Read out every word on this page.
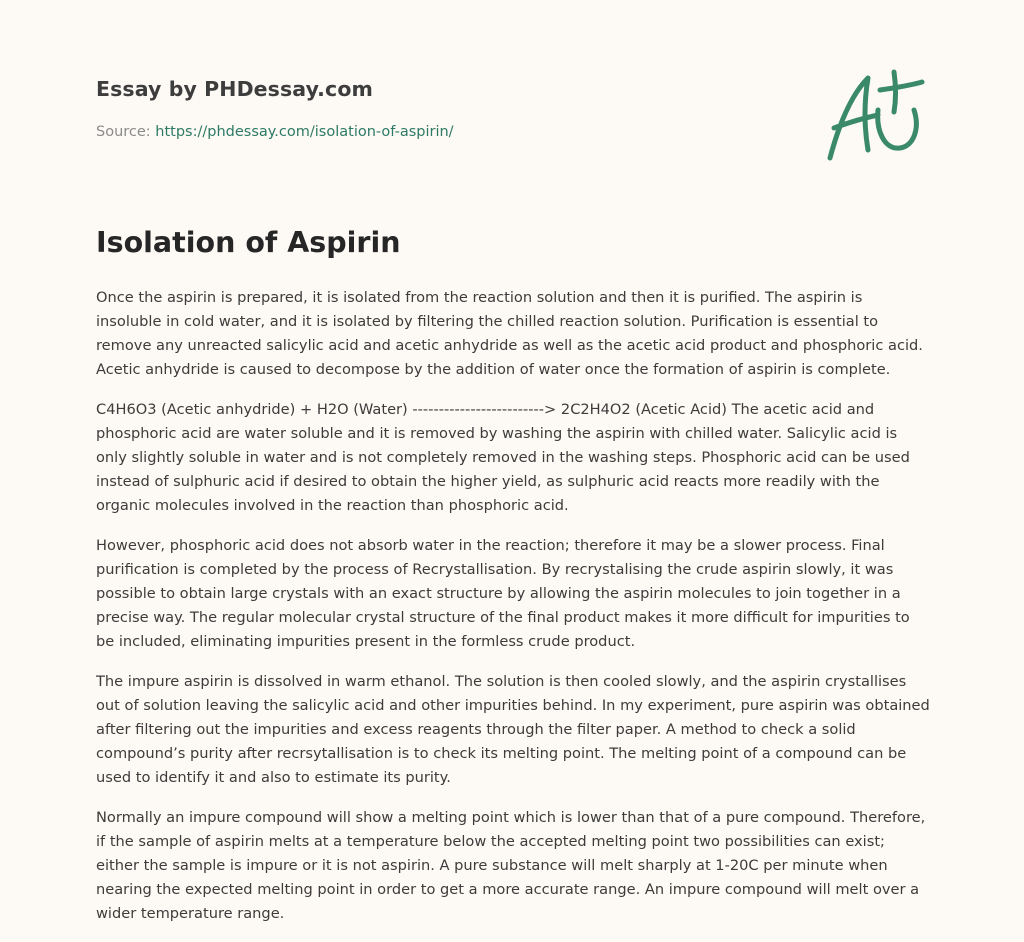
Essay by PHDessay.com
Source: https://phdessay.com/isolation-of-aspirin/
Isolation of Aspirin

Once the aspirin is prepared, it is isolated from the reaction solution and then it is purified. The aspirin is insoluble in cold water, and it is isolated by filtering the chilled reaction solution. Purification is essential to remove any unreacted salicylic acid and acetic anhydride as well as the acetic acid product and phosphoric acid. Acetic anhydride is caused to decompose by the addition of water once the formation of aspirin is complete.

C4H6O3 (Acetic anhydride) + H2O (Water) -------------------------> 2C2H4O2 (Acetic Acid) The acetic acid and phosphoric acid are water soluble and it is removed by washing the aspirin with chilled water. Salicylic acid is only slightly soluble in water and is not completely removed in the washing steps. Phosphoric acid can be used instead of sulphuric acid if desired to obtain the higher yield, as sulphuric acid reacts more readily with the organic molecules involved in the reaction than phosphoric acid.

However, phosphoric acid does not absorb water in the reaction; therefore it may be a slower process. Final purification is completed by the process of Recrystallisation. By recrystalising the crude aspirin slowly, it was possible to obtain large crystals with an exact structure by allowing the aspirin molecules to join together in a precise way. The regular molecular crystal structure of the final product makes it more difficult for impurities to be included, eliminating impurities present in the formless crude product.

The impure aspirin is dissolved in warm ethanol. The solution is then cooled slowly, and the aspirin crystallises out of solution leaving the salicylic acid and other impurities behind. In my experiment, pure aspirin was obtained after filtering out the impurities and excess reagents through the filter paper. A method to check a solid compound’s purity after recrsytallisation is to check its melting point. The melting point of a compound can be used to identify it and also to estimate its purity.

Normally an impure compound will show a melting point which is lower than that of a pure compound. Therefore, if the sample of aspirin melts at a temperature below the accepted melting point two possibilities can exist; either the sample is impure or it is not aspirin. A pure substance will melt sharply at 1-20C per minute when nearing the expected melting point in order to get a more accurate range. An impure compound will melt over a wider temperature range.
